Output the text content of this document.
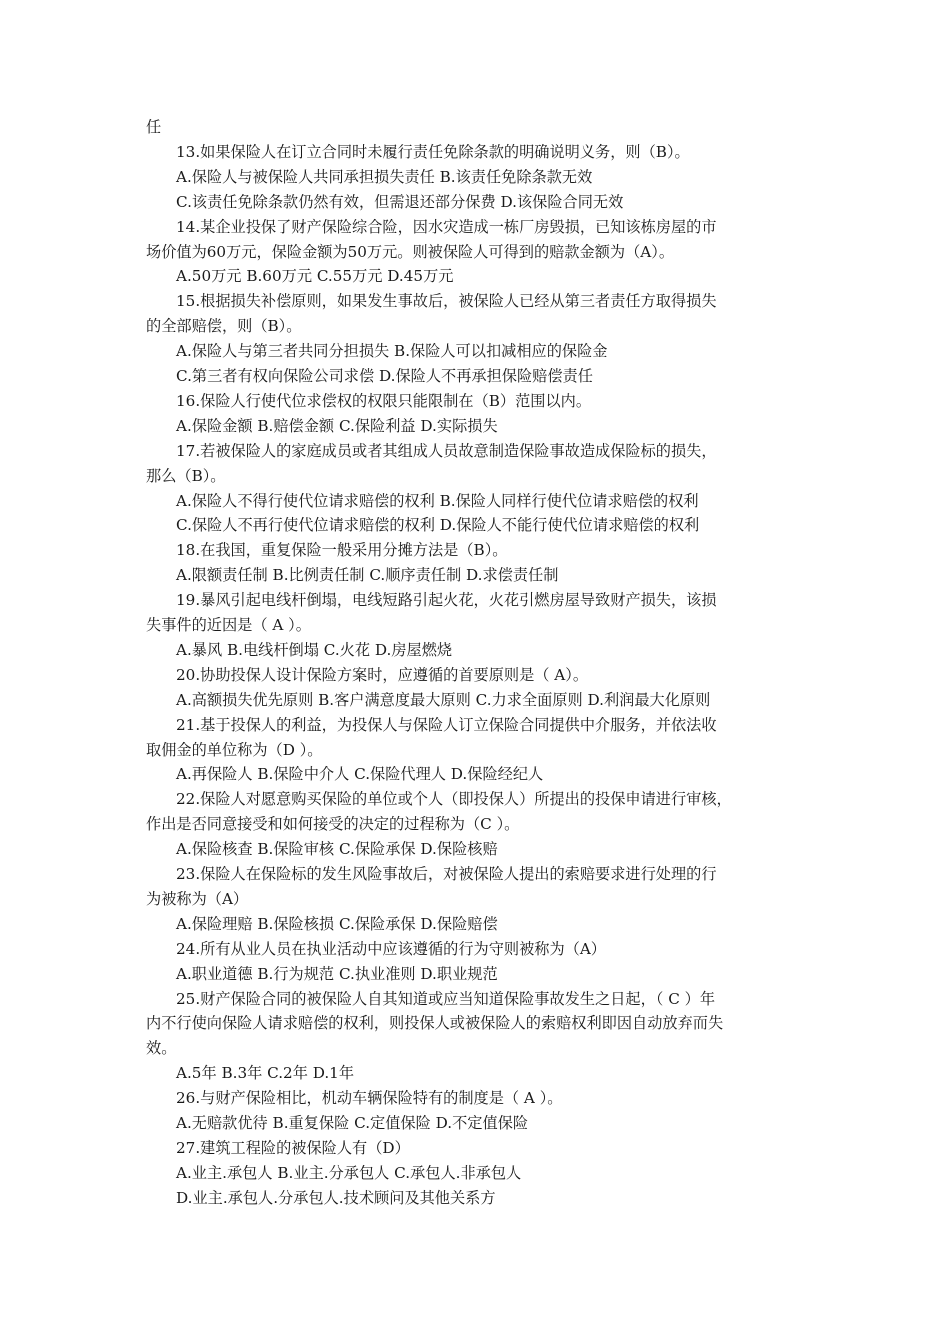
任
13.如果保险人在订立合同时未履行责任免除条款的明确说明义务，则（B）。
A.保险人与被保险人共同承担损失责任 B.该责任免除条款无效
C.该责任免除条款仍然有效，但需退还部分保费 D.该保险合同无效
14.某企业投保了财产保险综合险，因水灾造成一栋厂房毁损，已知该栋房屋的市
场价值为60万元，保险金额为50万元。则被保险人可得到的赔款金额为（A）。
A.50万元 B.60万元 C.55万元 D.45万元
15.根据损失补偿原则，如果发生事故后，被保险人已经从第三者责任方取得损失
的全部赔偿，则（B）。
A.保险人与第三者共同分担损失 B.保险人可以扣减相应的保险金
C.第三者有权向保险公司求偿 D.保险人不再承担保险赔偿责任
16.保险人行使代位求偿权的权限只能限制在（B）范围以内。
A.保险金额 B.赔偿金额 C.保险利益 D.实际损失
17.若被保险人的家庭成员或者其组成人员故意制造保险事故造成保险标的损失，
那么（B）。
A.保险人不得行使代位请求赔偿的权利 B.保险人同样行使代位请求赔偿的权利
C.保险人不再行使代位请求赔偿的权利 D.保险人不能行使代位请求赔偿的权利
18.在我国，重复保险一般采用分摊方法是（B）。
A.限额责任制 B.比例责任制 C.顺序责任制 D.求偿责任制
19.暴风引起电线杆倒塌，电线短路引起火花，火花引燃房屋导致财产损失，该损
失事件的近因是（ A ）。
A.暴风 B.电线杆倒塌 C.火花 D.房屋燃烧
20.协助投保人设计保险方案时，应遵循的首要原则是（ A）。
A.高额损失优先原则 B.客户满意度最大原则 C.力求全面原则 D.利润最大化原则
21.基于投保人的利益，为投保人与保险人订立保险合同提供中介服务，并依法收
取佣金的单位称为（D ）。
A.再保险人 B.保险中介人 C.保险代理人 D.保险经纪人
22.保险人对愿意购买保险的单位或个人（即投保人）所提出的投保申请进行审核，
作出是否同意接受和如何接受的决定的过程称为（C ）。
A.保险核查 B.保险审核 C.保险承保 D.保险核赔
23.保险人在保险标的发生风险事故后，对被保险人提出的索赔要求进行处理的行
为被称为（A）
A.保险理赔 B.保险核损 C.保险承保 D.保险赔偿
24.所有从业人员在执业活动中应该遵循的行为守则被称为（A）
A.职业道德 B.行为规范 C.执业准则 D.职业规范
25.财产保险合同的被保险人自其知道或应当知道保险事故发生之日起，（ C ）年
内不行使向保险人请求赔偿的权利，则投保人或被保险人的索赔权利即因自动放弃而失
效。
A.5年 B.3年 C.2年 D.1年
26.与财产保险相比，机动车辆保险特有的制度是（ A ）。
A.无赔款优待 B.重复保险 C.定值保险 D.不定值保险
27.建筑工程险的被保险人有（D）
A.业主.承包人 B.业主.分承包人 C.承包人.非承包人
D.业主.承包人.分承包人.技术顾问及其他关系方
